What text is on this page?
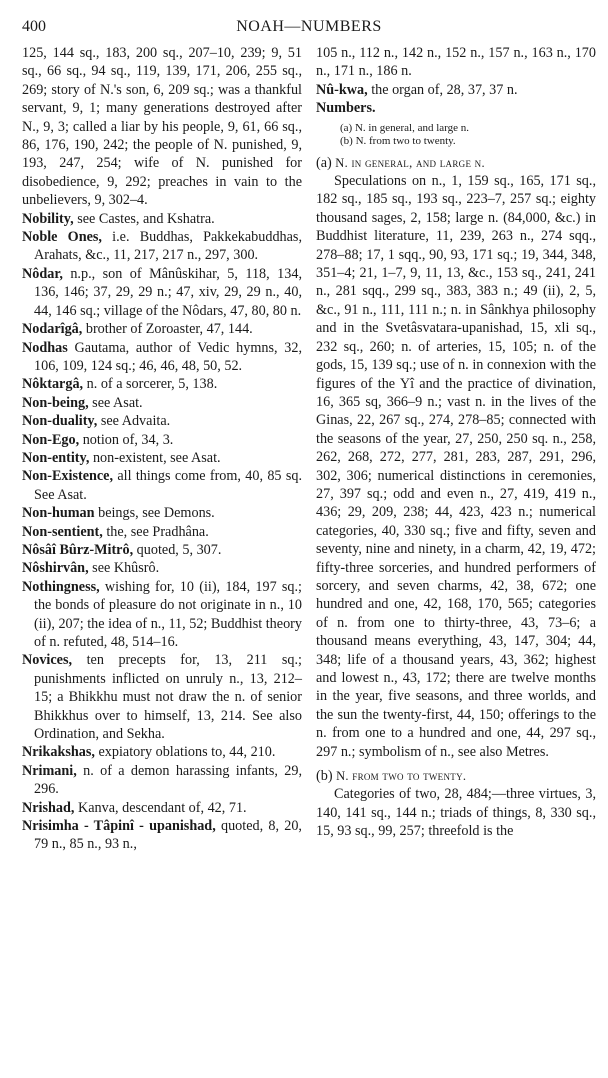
400	NOAH—NUMBERS

125, 144 sq., 183, 200 sq., 207–10, 239; 9, 51 sq., 66 sq., 94 sq., 119, 139, 171, 206, 255 sq., 269; story of N.'s son, 6, 209 sq.; was a thankful servant, 9, 1; many generations destroyed after N., 9, 3; called a liar by his people, 9, 61, 66 sq., 86, 176, 190, 242; the people of N. punished, 9, 193, 247, 254; wife of N. punished for disobedience, 9, 292; preaches in vain to the unbelievers, 9, 302–4.

Nobility, see Castes, and Kshatra.

Noble Ones, i.e. Buddhas, Pakkekabuddhas, Arahats, &c., 11, 217, 217 n., 297, 300.

Nôdar, n.p., son of Mânûskihar, 5, 118, 134, 136, 146; 37, 29, 29 n.; 47, xiv, 29, 29 n., 40, 44, 146 sq.; village of the Nôdars, 47, 80, 80 n.

Nodarîgâ, brother of Zoroaster, 47, 144.

Nodhas Gautama, author of Vedic hymns, 32, 106, 109, 124 sq.; 46, 46, 48, 50, 52.

Nôktargâ, n. of a sorcerer, 5, 138.

Non-being, see Asat.

Non-duality, see Advaita.

Non-Ego, notion of, 34, 3.

Non-entity, non-existent, see Asat.

Non-Existence, all things come from, 40, 85 sq. See Asat.

Non-human beings, see Demons.

Non-sentient, the, see Pradhâna.

Nôsâî Bûrz-Mitrô, quoted, 5, 307.

Nôshirvân, see Khûsrô.

Nothingness, wishing for, 10 (ii), 184, 197 sq.; the bonds of pleasure do not originate in n., 10 (ii), 207; the idea of n., 11, 52; Buddhist theory of n. refuted, 48, 514–16.

Novices, ten precepts for, 13, 211 sq.; punishments inflicted on unruly n., 13, 212–15; a Bhikkhu must not draw the n. of senior Bhikkhus over to himself, 13, 214. See also Ordination, and Sekha.

Nrikakshas, expiatory oblations to, 44, 210.

Nrimani, n. of a demon harassing infants, 29, 296.

Nrishad, Kanva, descendant of, 42, 71.

Nrisimha - Tâpinî - upanishad, quoted, 8, 20, 79 n., 85 n., 93 n.,

105 n., 112 n., 142 n., 152 n., 157 n., 163 n., 170 n., 171 n., 186 n.

Nû-kwa, the organ of, 28, 37, 37 n.

Numbers.

(a) N. in general, and large n.
(b) N. from two to twenty.

(a) N. in general, and large n.

Speculations on n., 1, 159 sq., 165, 171 sq., 182 sq., 185 sq., 193 sq., 223–7, 257 sq.; eighty thousand sages, 2, 158; large n. (84,000, &c.) in Buddhist literature, 11, 239, 263 n., 274 sqq., 278–88; 17, 1 sqq., 90, 93, 171 sq.; 19, 344, 348, 351–4; 21, 1–7, 9, 11, 13, &c., 153 sq., 241, 241 n., 281 sqq., 299 sq., 383, 383 n.; 49 (ii), 2, 5, &c., 91 n., 111, 111 n.; n. in Sânkhya philosophy and in the Svetâsvatara-upanishad, 15, xli sq., 232 sq., 260; n. of arteries, 15, 105; n. of the gods, 15, 139 sq.; use of n. in connexion with the figures of the Yî and the practice of divination, 16, 365 sq, 366–9 n.; vast n. in the lives of the Ginas, 22, 267 sq., 274, 278–85; connected with the seasons of the year, 27, 250, 250 sq. n., 258, 262, 268, 272, 277, 281, 283, 287, 291, 296, 302, 306; numerical distinctions in ceremonies, 27, 397 sq.; odd and even n., 27, 419, 419 n., 436; 29, 209, 238; 44, 423, 423 n.; numerical categories, 40, 330 sq.; five and fifty, seven and seventy, nine and ninety, in a charm, 42, 19, 472; fifty-three sorceries, and hundred performers of sorcery, and seven charms, 42, 38, 672; one hundred and one, 42, 168, 170, 565; categories of n. from one to thirty-three, 43, 73–6; a thousand means everything, 43, 147, 304; 44, 348; life of a thousand years, 43, 362; highest and lowest n., 43, 172; there are twelve months in the year, five seasons, and three worlds, and the sun the twenty-first, 44, 150; offerings to the n. from one to a hundred and one, 44, 297 sq., 297 n.; symbolism of n., see also Metres.

(b) N. from two to twenty.

Categories of two, 28, 484;—three virtues, 3, 140, 141 sq., 144 n.; triads of things, 8, 330 sq., 15, 93 sq., 99, 257; threefold is the
